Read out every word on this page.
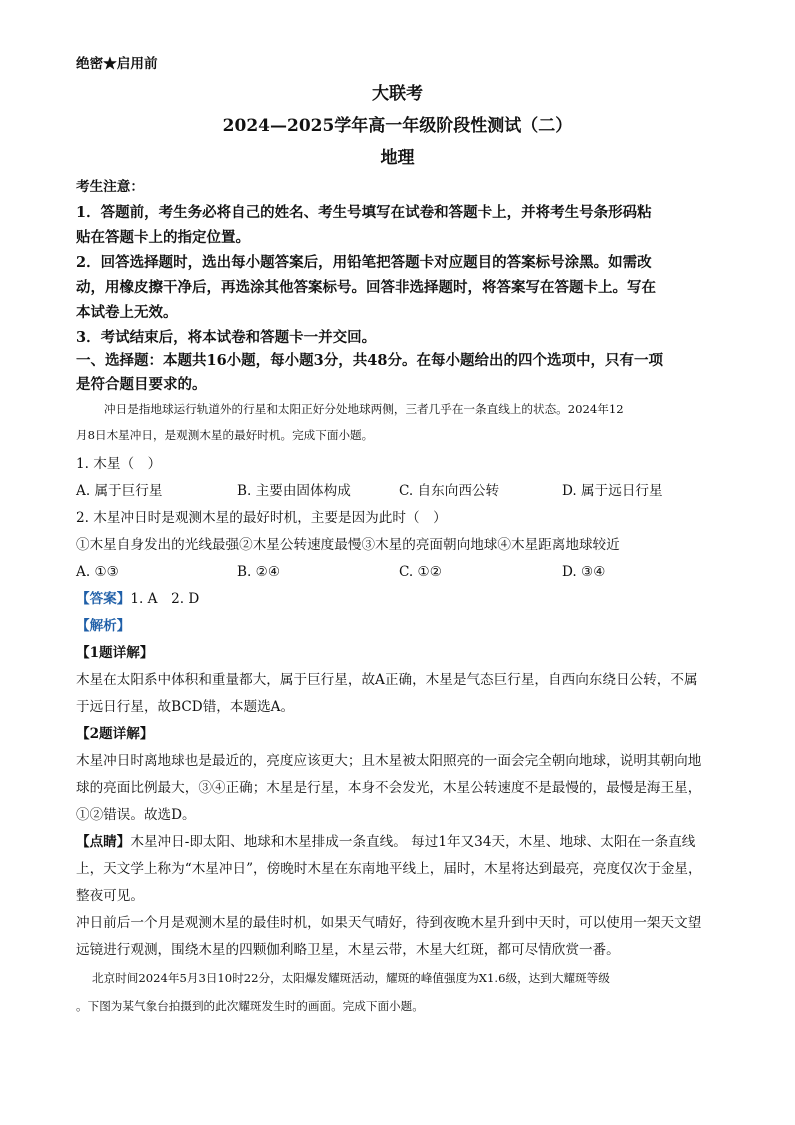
绝密★启用前
大联考
2024—2025学年高一年级阶段性测试（二）
地理
考生注意：
1．答题前，考生务必将自己的姓名、考生号填写在试卷和答题卡上，并将考生号条形码粘
贴在答题卡上的指定位置。
2．回答选择题时，选出每小题答案后，用铅笔把答题卡对应题目的答案标号涂黑。如需改
动，用橡皮擦干净后，再选涂其他答案标号。回答非选择题时，将答案写在答题卡上。写在
本试卷上无效。
3．考试结束后，将本试卷和答题卡一并交回。
一、选择题：本题共16小题，每小题3分，共48分。在每小题给出的四个选项中，只有一项
是符合题目要求的。
冲日是指地球运行轨道外的行星和太阳正好分处地球两侧，三者几乎在一条直线上的状态。2024年12
月8日木星冲日，是观测木星的最好时机。完成下面小题。
1. 木星（　）
A. 属于巨行星	B. 主要由固体构成	C. 自东向西公转	D. 属于远日行星
2. 木星冲日时是观测木星的最好时机，主要是因为此时（　）
①木星自身发出的光线最强②木星公转速度最慢③木星的亮面朝向地球④木星距离地球较近
A. ①③	B. ②④	C. ①②	D. ③④
【答案】1. A　2. D
【解析】
【1题详解】
木星在太阳系中体积和重量都大，属于巨行星，故A正确，木星是气态巨行星，自西向东绕日公转，不属
于远日行星，故BCD错，本题选A。
【2题详解】
木星冲日时离地球也是最近的，亮度应该更大；且木星被太阳照亮的一面会完全朝向地球，说明其朝向地
球的亮面比例最大，③④正确；木星是行星，本身不会发光，木星公转速度不是最慢的，最慢是海王星，
①②错误。故选D。
【点睛】木星冲日-即太阳、地球和木星排成一条直线。 每过1年又34天，木星、地球、太阳在一条直线
上，天文学上称为“木星冲日”，傍晚时木星在东南地平线上，届时，木星将达到最亮，亮度仅次于金星，
整夜可见。
冲日前后一个月是观测木星的最佳时机，如果天气晴好，待到夜晚木星升到中天时，可以使用一架天文望
远镜进行观测，围绕木星的四颗伽利略卫星，木星云带，木星大红斑，都可尽情欣赏一番。
北京时间2024年5月3日10时22分，太阳爆发耀斑活动，耀斑的峰值强度为X1.6级，达到大耀斑等级
。下图为某气象台拍摄到的此次耀斑发生时的画面。完成下面小题。
